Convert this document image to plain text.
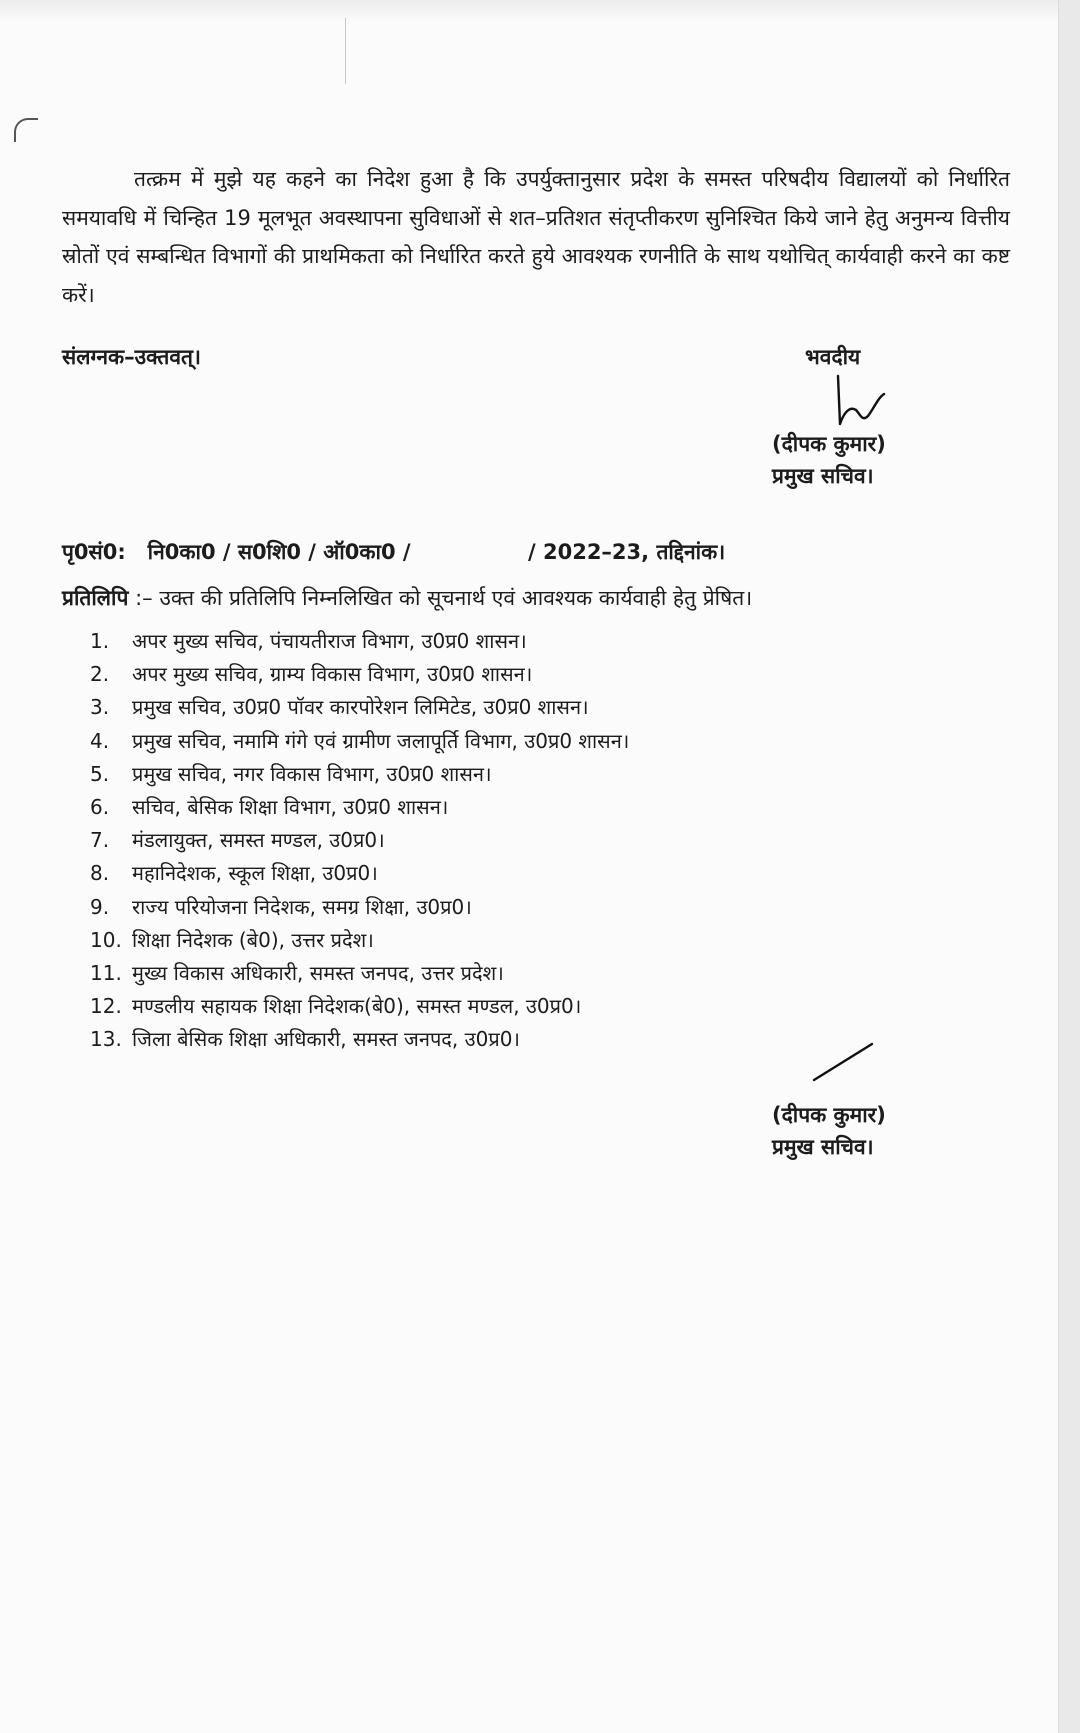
तत्क्रम में मुझे यह कहने का निदेश हुआ है कि उपर्युक्तानुसार प्रदेश के समस्त परिषदीय विद्यालयों को निर्धारित समयावधि में चिन्हित 19 मूलभूत अवस्थापना सुविधाओं से शत–प्रतिशत संतृप्तीकरण सुनिश्चित किये जाने हेतु अनुमन्य वित्तीय स्रोतों एवं सम्बन्धित विभागों की प्राथमिकता को निर्धारित करते हुये आवश्यक रणनीति के साथ यथोचित् कार्यवाही करने का कष्ट करें।

संलग्नक–उक्तवत्।	भवदीय
(दीपक कुमार)
प्रमुख सचिव।
पृ0सं0:   नि0का0 / स0शि0 / ऑ0का0 /	/ 2022–23, तद्दिनांक।
प्रतिलिपि :– उक्त की प्रतिलिपि निम्नलिखित को सूचनार्थ एवं आवश्यक कार्यवाही हेतु प्रेषित।
1. अपर मुख्य सचिव, पंचायतीराज विभाग, उ0प्र0 शासन।
2. अपर मुख्य सचिव, ग्राम्य विकास विभाग, उ0प्र0 शासन।
3. प्रमुख सचिव, उ0प्र0 पॉवर कारपोरेशन लिमिटेड, उ0प्र0 शासन।
4. प्रमुख सचिव, नमामि गंगे एवं ग्रामीण जलापूर्ति विभाग, उ0प्र0 शासन।
5. प्रमुख सचिव, नगर विकास विभाग, उ0प्र0 शासन।
6. सचिव, बेसिक शिक्षा विभाग, उ0प्र0 शासन।
7. मंडलायुक्त, समस्त मण्डल, उ0प्र0।
8. महानिदेशक, स्कूल शिक्षा, उ0प्र0।
9. राज्य परियोजना निदेशक, समग्र शिक्षा, उ0प्र0।
10. शिक्षा निदेशक (बे0), उत्तर प्रदेश।
11. मुख्य विकास अधिकारी, समस्त जनपद, उत्तर प्रदेश।
12. मण्डलीय सहायक शिक्षा निदेशक(बे0), समस्त मण्डल, उ0प्र0।
13. जिला बेसिक शिक्षा अधिकारी, समस्त जनपद, उ0प्र0।
(दीपक कुमार)
प्रमुख सचिव।
